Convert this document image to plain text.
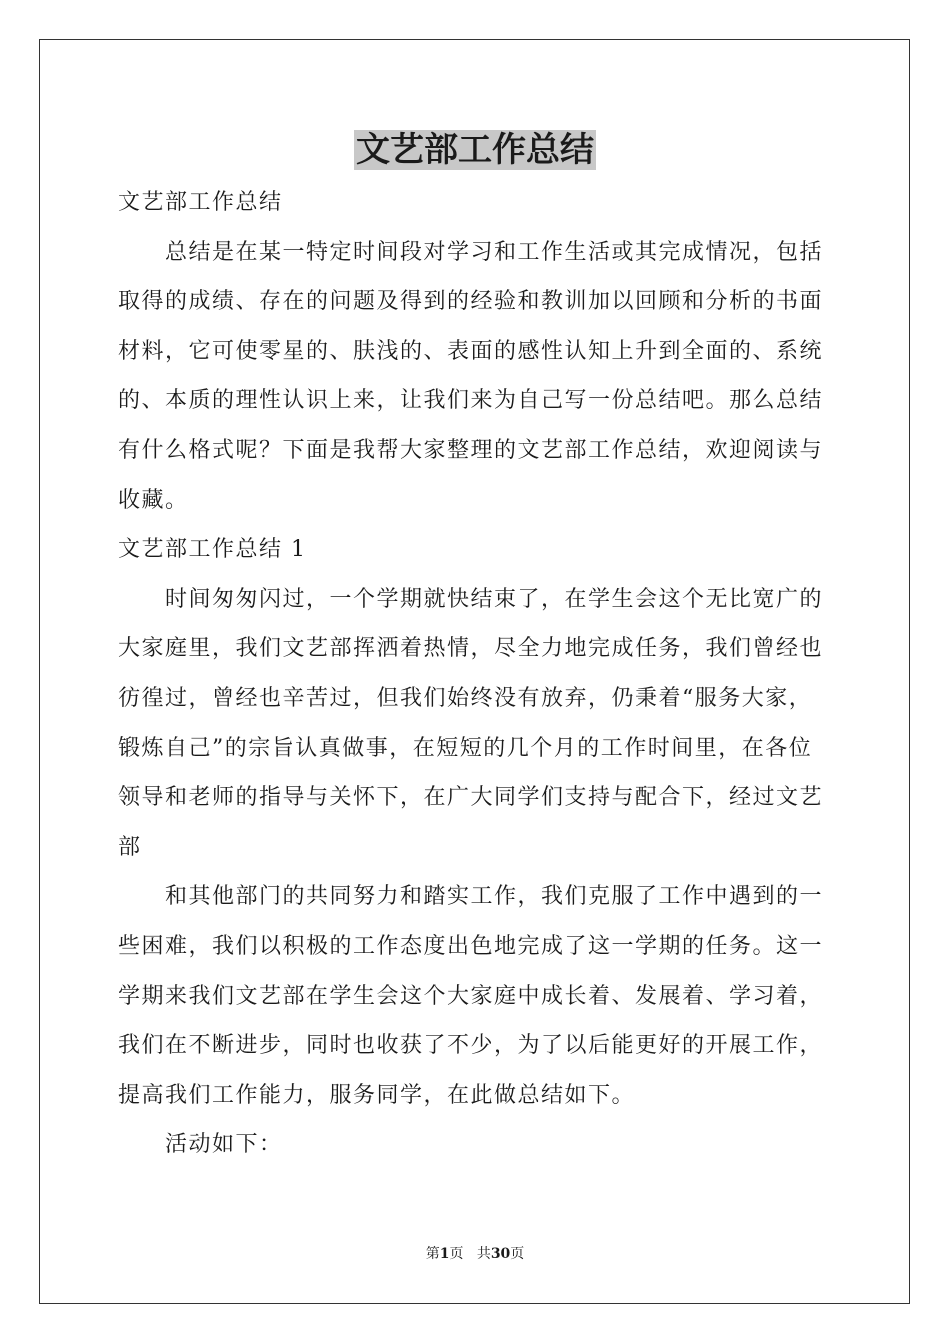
文艺部工作总结
文艺部工作总结
总结是在某一特定时间段对学习和工作生活或其完成情况，包括
取得的成绩、存在的问题及得到的经验和教训加以回顾和分析的书面
材料，它可使零星的、肤浅的、表面的感性认知上升到全面的、系统
的、本质的理性认识上来，让我们来为自己写一份总结吧。那么总结
有什么格式呢？下面是我帮大家整理的文艺部工作总结，欢迎阅读与
收藏。
文艺部工作总结 1
时间匆匆闪过，一个学期就快结束了，在学生会这个无比宽广的
大家庭里，我们文艺部挥洒着热情，尽全力地完成任务，我们曾经也
彷徨过，曾经也辛苦过，但我们始终没有放弃，仍秉着“服务大家，
锻炼自己”的宗旨认真做事，在短短的几个月的工作时间里，在各位
领导和老师的指导与关怀下，在广大同学们支持与配合下，经过文艺
部
和其他部门的共同努力和踏实工作，我们克服了工作中遇到的一
些困难，我们以积极的工作态度出色地完成了这一学期的任务。这一
学期来我们文艺部在学生会这个大家庭中成长着、发展着、学习着，
我们在不断进步，同时也收获了不少，为了以后能更好的开展工作，
提高我们工作能力，服务同学，在此做总结如下。
活动如下：
第1页 共30页
